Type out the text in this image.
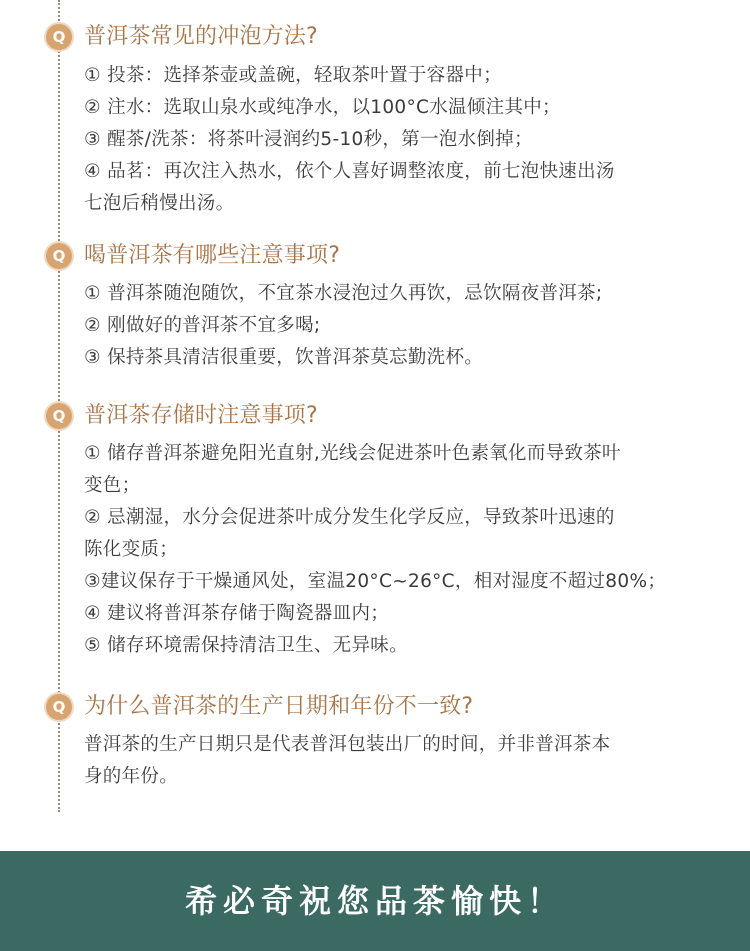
Q 普洱茶常见的冲泡方法?
① 投茶：选择茶壶或盖碗，轻取茶叶置于容器中；
② 注水：选取山泉水或纯净水，以100°C水温倾注其中；
③ 醒茶/洗茶：将茶叶浸润约5-10秒，第一泡水倒掉；
④ 品茗：再次注入热水，依个人喜好调整浓度，前七泡快速出汤
七泡后稍慢出汤。
Q 喝普洱茶有哪些注意事项?
① 普洱茶随泡随饮，不宜茶水浸泡过久再饮，忌饮隔夜普洱茶;
② 刚做好的普洱茶不宜多喝;
③ 保持茶具清洁很重要，饮普洱茶莫忘勤洗杯。
Q 普洱茶存储时注意事项?
① 储存普洱茶避免阳光直射,光线会促进茶叶色素氧化而导致茶叶
变色；
② 忌潮湿，水分会促进茶叶成分发生化学反应，导致茶叶迅速的
陈化变质；
③建议保存于干燥通风处，室温20°C~26°C，相对湿度不超过80%；
④ 建议将普洱茶存储于陶瓷器皿内；
⑤ 储存环境需保持清洁卫生、无异味。
Q 为什么普洱茶的生产日期和年份不一致?
普洱茶的生产日期只是代表普洱包装出厂的时间，并非普洱茶本
身的年份。
希必奇祝您品茶愉快！
